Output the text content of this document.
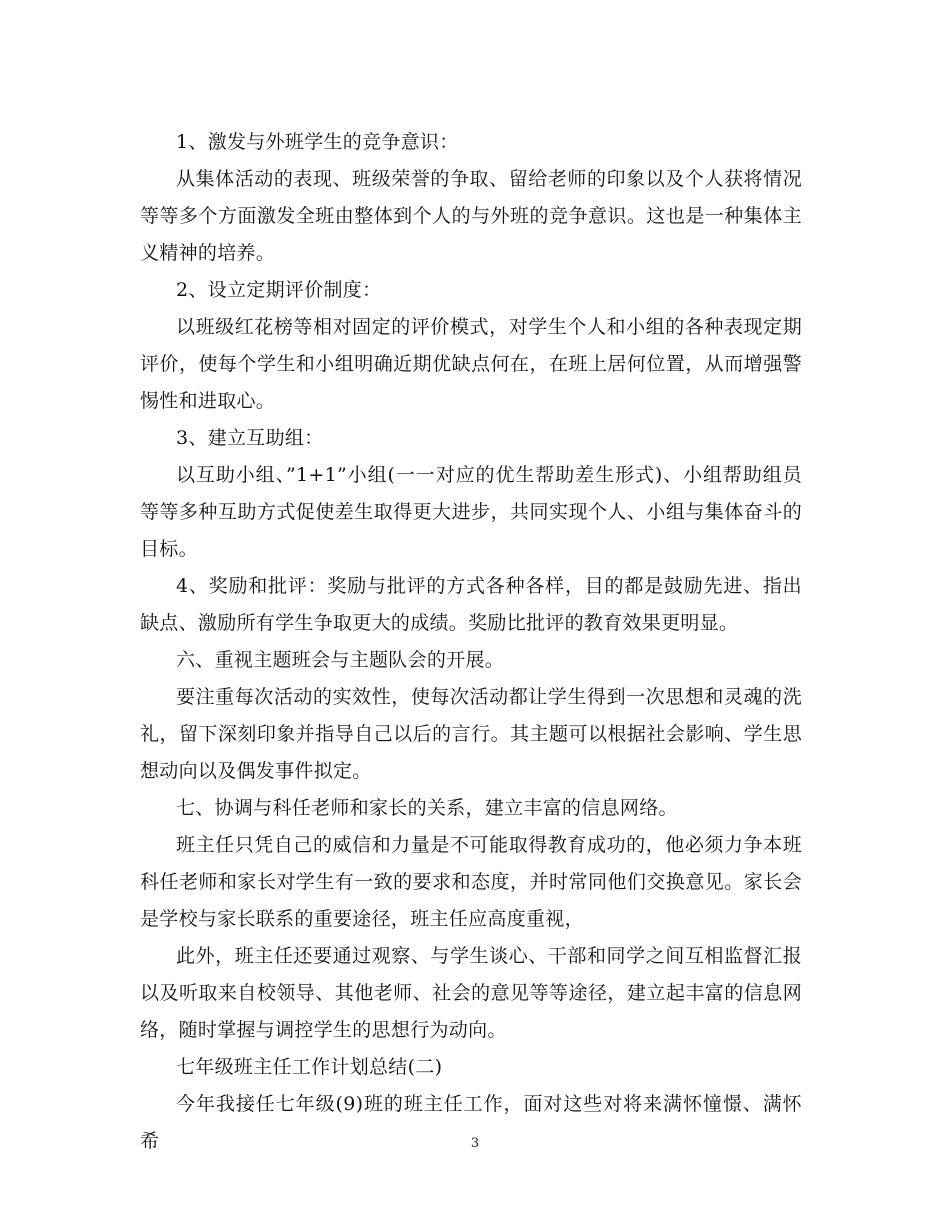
1、激发与外班学生的竞争意识：

从集体活动的表现、班级荣誉的争取、留给老师的印象以及个人获将情况等等多个方面激发全班由整体到个人的与外班的竞争意识。这也是一种集体主义精神的培养。

2、设立定期评价制度：

以班级红花榜等相对固定的评价模式，对学生个人和小组的各种表现定期评价，使每个学生和小组明确近期优缺点何在，在班上居何位置，从而增强警惕性和进取心。

3、建立互助组：

以互助小组、”1+1”小组(一一对应的优生帮助差生形式)、小组帮助组员等等多种互助方式促使差生取得更大进步，共同实现个人、小组与集体奋斗的目标。

4、奖励和批评：奖励与批评的方式各种各样，目的都是鼓励先进、指出缺点、激励所有学生争取更大的成绩。奖励比批评的教育效果更明显。

六、重视主题班会与主题队会的开展。

要注重每次活动的实效性，使每次活动都让学生得到一次思想和灵魂的洗礼，留下深刻印象并指导自己以后的言行。其主题可以根据社会影响、学生思想动向以及偶发事件拟定。

七、协调与科任老师和家长的关系，建立丰富的信息网络。

班主任只凭自己的威信和力量是不可能取得教育成功的，他必须力争本班科任老师和家长对学生有一致的要求和态度，并时常同他们交换意见。家长会是学校与家长联系的重要途径，班主任应高度重视，

此外，班主任还要通过观察、与学生谈心、干部和同学之间互相监督汇报以及听取来自校领导、其他老师、社会的意见等等途径，建立起丰富的信息网络，随时掌握与调控学生的思想行为动向。

七年级班主任工作计划总结(二)

今年我接任七年级(9)班的班主任工作，面对这些对将来满怀憧憬、满怀希	3
